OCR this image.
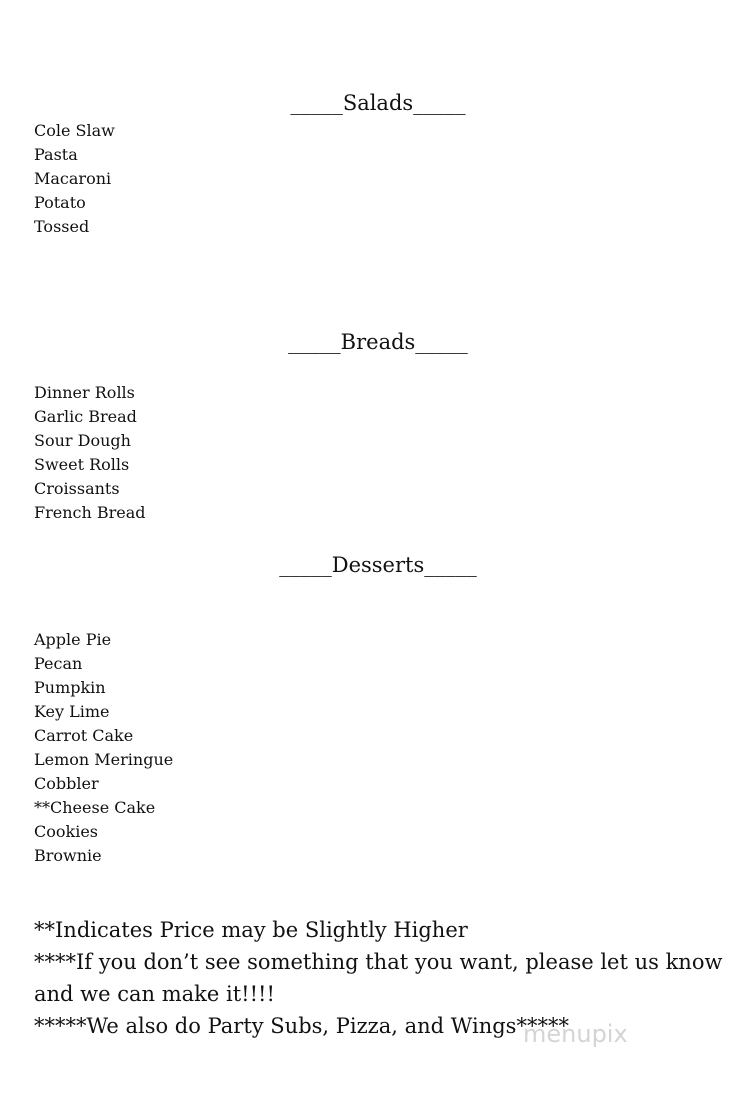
_____Salads_____
Cole Slaw
Pasta
Macaroni
Potato
Tossed
_____Breads_____
Dinner Rolls
Garlic Bread
Sour Dough
Sweet Rolls
Croissants
French Bread
_____Desserts_____
Apple Pie
Pecan
Pumpkin
Key Lime
Carrot Cake
Lemon Meringue
Cobbler
**Cheese Cake
Cookies
Brownie
**Indicates Price may be Slightly Higher
****If you don’t see something that you want, please let us know and we can make it!!!!
*****We also do Party Subs, Pizza, and Wings*****
menupix
